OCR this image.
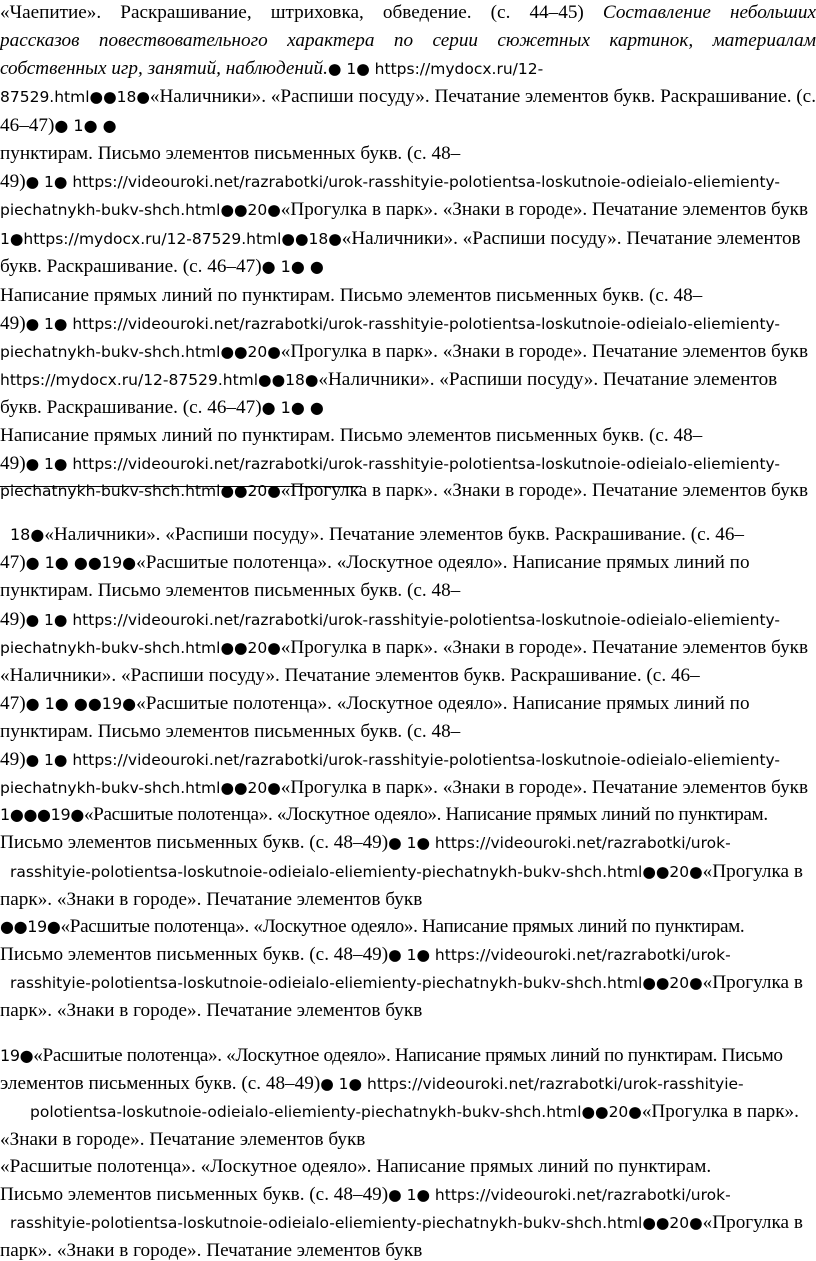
«Чаепитие». Раскрашивание, штриховка, обведение. (с. 44–45) Составление небольших
рассказов повествовательного характера по серии сюжетных картинок, материалам
собственных игр, занятий, наблюдений.● 1● https://mydocx.ru/12-
87529.html●●18●«Наличники». «Распиши посуду». Печатание элементов букв. Раскрашивание. (с.
46–47)● 1● ●
пунктирам. Письмо элементов письменных букв. (с. 48–
49)● 1● https://videouroki.net/razrabotki/urok-rasshityie-polotientsa-loskutnoie-odieialo-eliemienty-
piechatnykh-bukv-shch.html●●20●«Прогулка в парк». «Знаки в городе». Печатание элементов букв
1●https://mydocx.ru/12-87529.html●●18●«Наличники». «Распиши посуду». Печатание элементов
букв. Раскрашивание. (с. 46–47)● 1● ●
Написание прямых линий по пунктирам. Письмо элементов письменных букв. (с. 48–
49)● 1● https://videouroki.net/razrabotki/urok-rasshityie-polotientsa-loskutnoie-odieialo-eliemienty-
piechatnykh-bukv-shch.html●●20●«Прогулка в парк». «Знаки в городе». Печатание элементов букв
https://mydocx.ru/12-87529.html●●18●«Наличники». «Распиши посуду». Печатание элементов
букв. Раскрашивание. (с. 46–47)● 1● ●
Написание прямых линий по пунктирам. Письмо элементов письменных букв. (с. 48–
49)● 1● https://videouroki.net/razrabotki/urok-rasshityie-polotientsa-loskutnoie-odieialo-eliemienty-
piechatnykh-bukv-shch.html●●20●«Прогулка в парк». «Знаки в городе». Печатание элементов букв
18●«Наличники». «Распиши посуду». Печатание элементов букв. Раскрашивание. (с. 46–
47)● 1● ●●19●«Расшитые полотенца». «Лоскутное одеяло». Написание прямых линий по
пунктирам. Письмо элементов письменных букв. (с. 48–
49)● 1● https://videouroki.net/razrabotki/urok-rasshityie-polotientsa-loskutnoie-odieialo-eliemienty-
piechatnykh-bukv-shch.html●●20●«Прогулка в парк». «Знаки в городе». Печатание элементов букв
«Наличники». «Распиши посуду». Печатание элементов букв. Раскрашивание. (с. 46–
47)● 1● ●●19●«Расшитые полотенца». «Лоскутное одеяло». Написание прямых линий по
пунктирам. Письмо элементов письменных букв. (с. 48–
49)● 1● https://videouroki.net/razrabotki/urok-rasshityie-polotientsa-loskutnoie-odieialo-eliemienty-
piechatnykh-bukv-shch.html●●20●«Прогулка в парк». «Знаки в городе». Печатание элементов букв
1●●●19●«Расшитые полотенца». «Лоскутное одеяло». Написание прямых линий по пунктирам.
Письмо элементов письменных букв. (с. 48–49)● 1● https://videouroki.net/razrabotki/urok-
rasshityie-polotientsa-loskutnoie-odieialo-eliemienty-piechatnykh-bukv-shch.html●●20●«Прогулка в
парк». «Знаки в городе». Печатание элементов букв
●●19●«Расшитые полотенца». «Лоскутное одеяло». Написание прямых линий по пунктирам.
Письмо элементов письменных букв. (с. 48–49)● 1● https://videouroki.net/razrabotki/urok-
rasshityie-polotientsa-loskutnoie-odieialo-eliemienty-piechatnykh-bukv-shch.html●●20●«Прогулка в
парк». «Знаки в городе». Печатание элементов букв
19●«Расшитые полотенца». «Лоскутное одеяло». Написание прямых линий по пунктирам. Письмо
элементов письменных букв. (с. 48–49)● 1● https://videouroki.net/razrabotki/urok-rasshityie-
polotientsa-loskutnoie-odieialo-eliemienty-piechatnykh-bukv-shch.html●●20●«Прогулка в парк».
«Знаки в городе». Печатание элементов букв
«Расшитые полотенца». «Лоскутное одеяло». Написание прямых линий по пунктирам.
Письмо элементов письменных букв. (с. 48–49)● 1● https://videouroki.net/razrabotki/urok-
rasshityie-polotientsa-loskutnoie-odieialo-eliemienty-piechatnykh-bukv-shch.html●●20●«Прогулка в
парк». «Знаки в городе». Печатание элементов букв
